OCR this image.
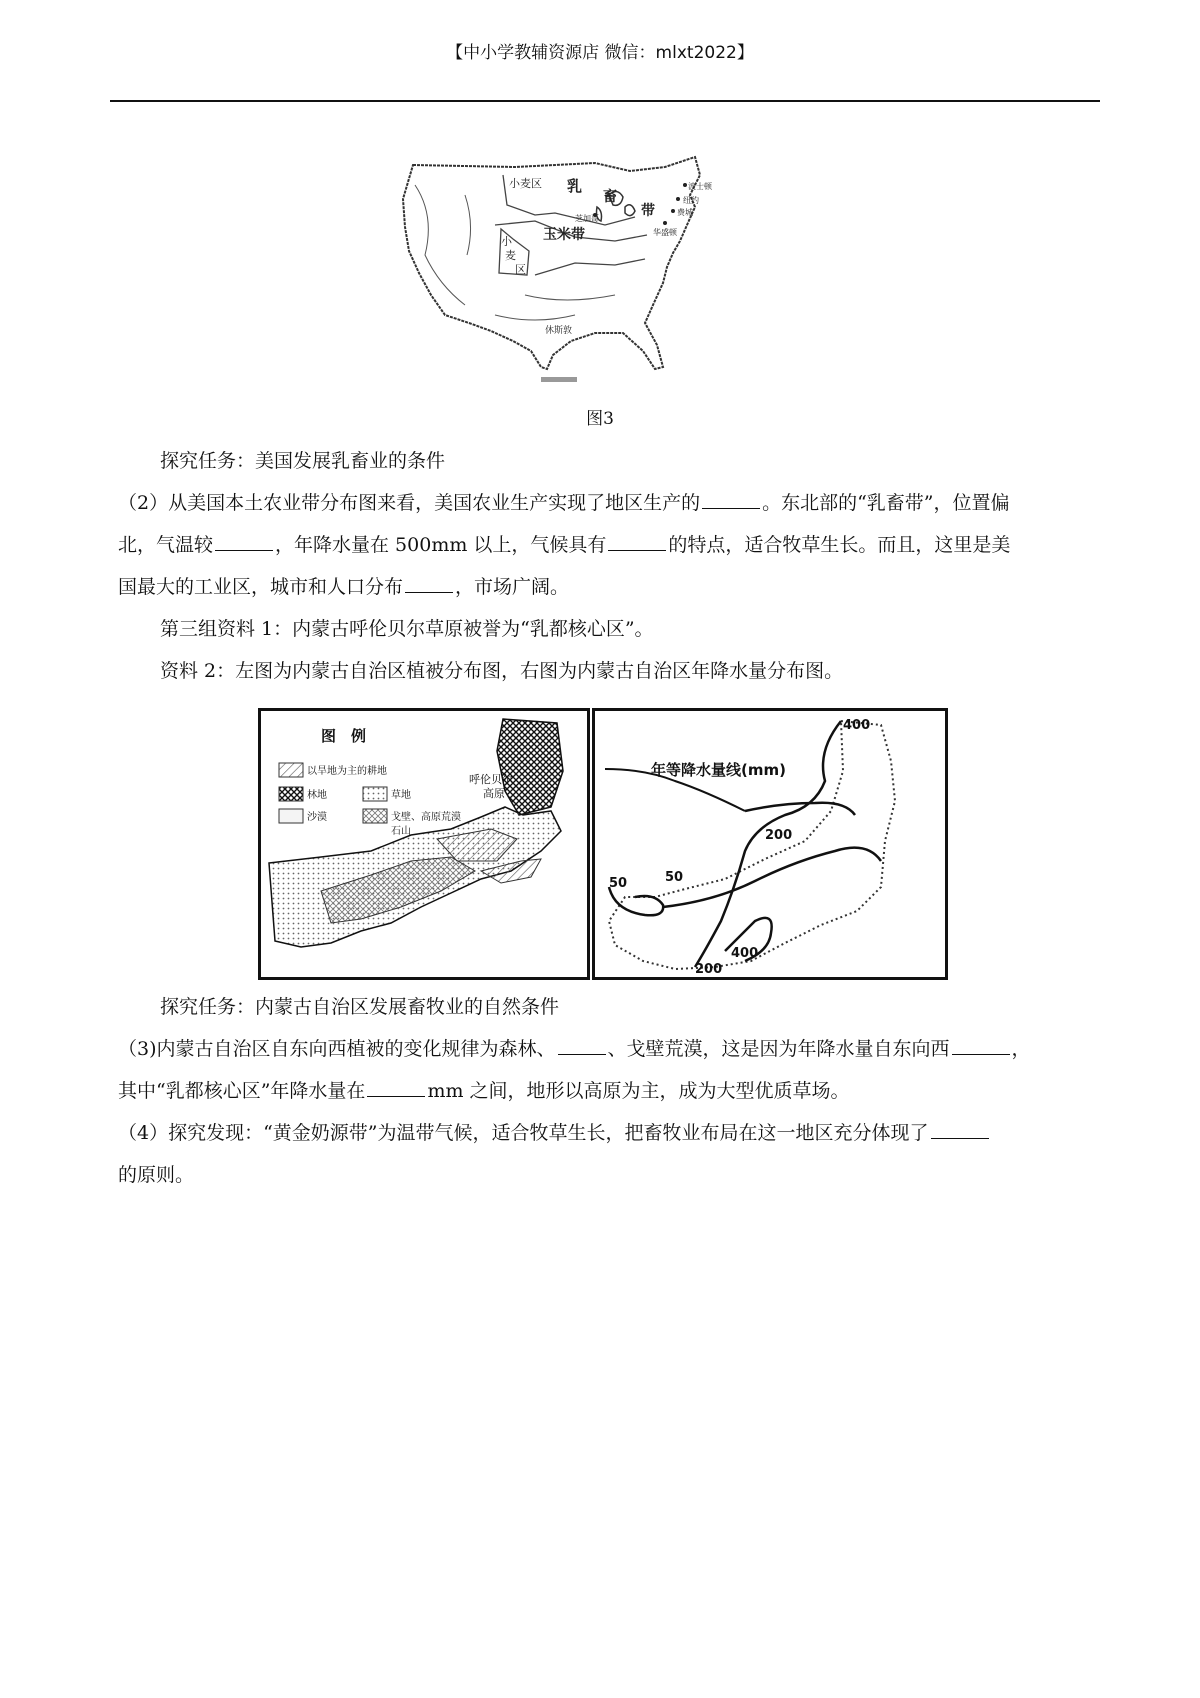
【中小学教辅资源店 微信：mlxt2022】
小麦区 乳
畜
带
芝加哥
玉米带
小
麦
区
波士顿
纽约
费城
华盛顿
休斯敦
图3
探究任务：美国发展乳畜业的条件
（2）从美国本土农业带分布图来看，美国农业生产实现了地区生产的	。东北部的“乳畜带”，位置偏
北，气温较	，年降水量在 500mm 以上，气候具有	的特点，适合牧草生长。而且，这里是美
国最大的工业区，城市和人口分布	，市场广阔。
第三组资料 1：内蒙古呼伦贝尔草原被誉为“乳都核心区”。
资料 2：左图为内蒙古自治区植被分布图，右图为内蒙古自治区年降水量分布图。
图　例
以旱地为主的耕地
林地	草地
沙漠	戈壁、高原荒漠
石山
呼伦贝尔
高原
400
200
50	50
200
400
年等降水量线(mm)
探究任务：内蒙古自治区发展畜牧业的自然条件
（3)内蒙古自治区自东向西植被的变化规律为森林、	、戈壁荒漠，这是因为年降水量自东向西	，
其中“乳都核心区”年降水量在	mm 之间，地形以高原为主，成为大型优质草场。
（4）探究发现：“黄金奶源带”为温带气候，适合牧草生长，把畜牧业布局在这一地区充分体现了
的原则。
